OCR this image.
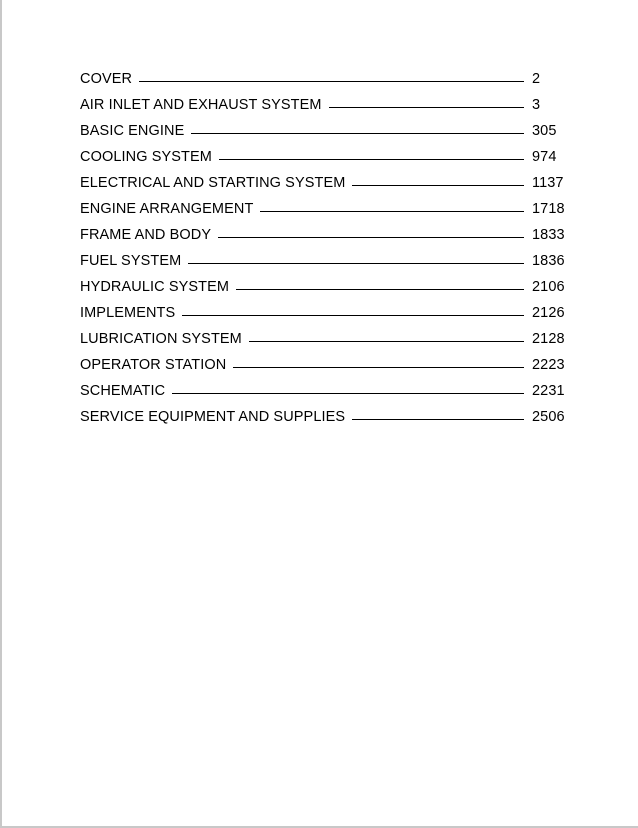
COVER	2
AIR INLET AND EXHAUST SYSTEM	3
BASIC ENGINE	305
COOLING SYSTEM	974
ELECTRICAL AND STARTING SYSTEM	1137
ENGINE ARRANGEMENT	1718
FRAME AND BODY	1833
FUEL SYSTEM	1836
HYDRAULIC SYSTEM	2106
IMPLEMENTS	2126
LUBRICATION SYSTEM	2128
OPERATOR STATION	2223
SCHEMATIC	2231
SERVICE EQUIPMENT AND SUPPLIES	2506
